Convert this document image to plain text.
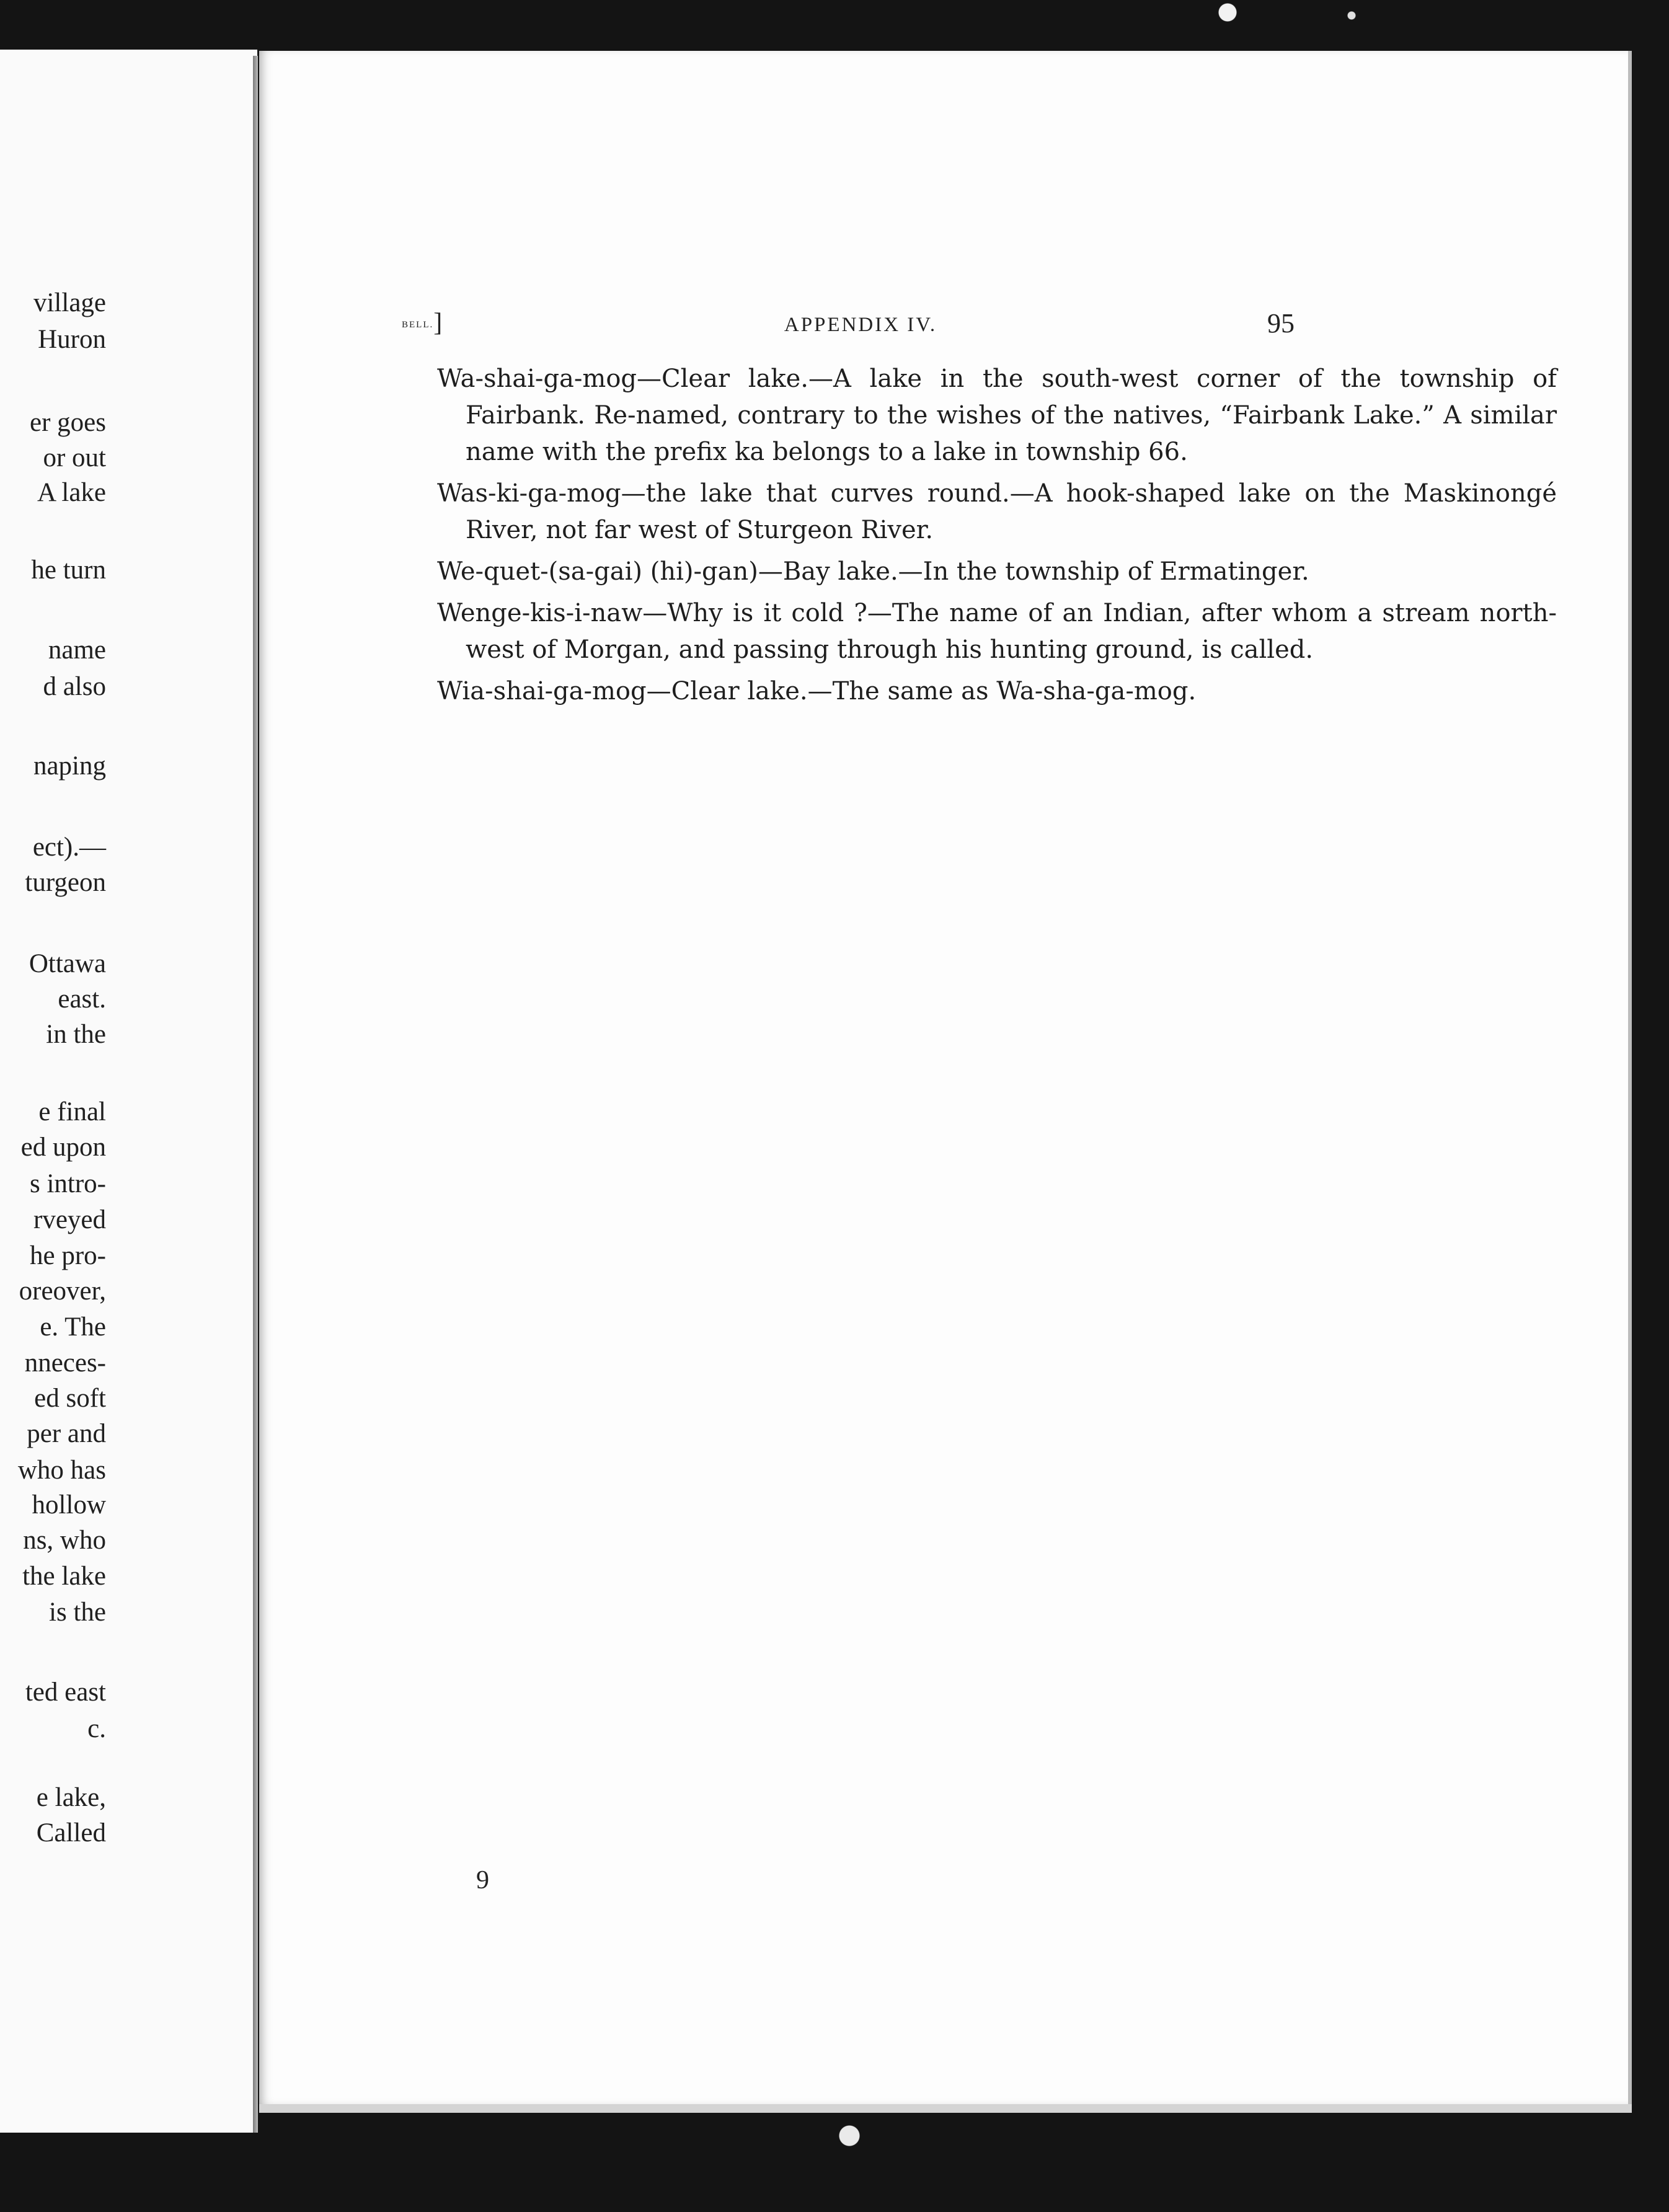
village
Huron
er goes
or out
A lake
he turn
name
d also
naping
ect).—
turgeon
Ottawa
east.
in the
e final
ed upon
s intro-
rveyed
he pro-
oreover,
e. The
nneces-
ed soft
per and
who has
hollow
ns, who
the lake
is the
ted east
c.
e lake,
Called
BELL.]	APPENDIX IV.	95
Wa-shai-ga-mog—Clear lake.—A lake in the south-west corner of the township of Fairbank. Re-named, contrary to the wishes of the natives, “Fairbank Lake.” A similar name with the prefix ka belongs to a lake in township 66.
Was-ki-ga-mog—the lake that curves round.—A hook-shaped lake on the Maskinongé River, not far west of Sturgeon River.
We-quet-(sa-gai) (hi)-gan)—Bay lake.—In the township of Ermatinger.
Wenge-kis-i-naw—Why is it cold ?—The name of an Indian, after whom a stream north-west of Morgan, and passing through his hunting ground, is called.
Wia-shai-ga-mog—Clear lake.—The same as Wa-sha-ga-mog.
9
